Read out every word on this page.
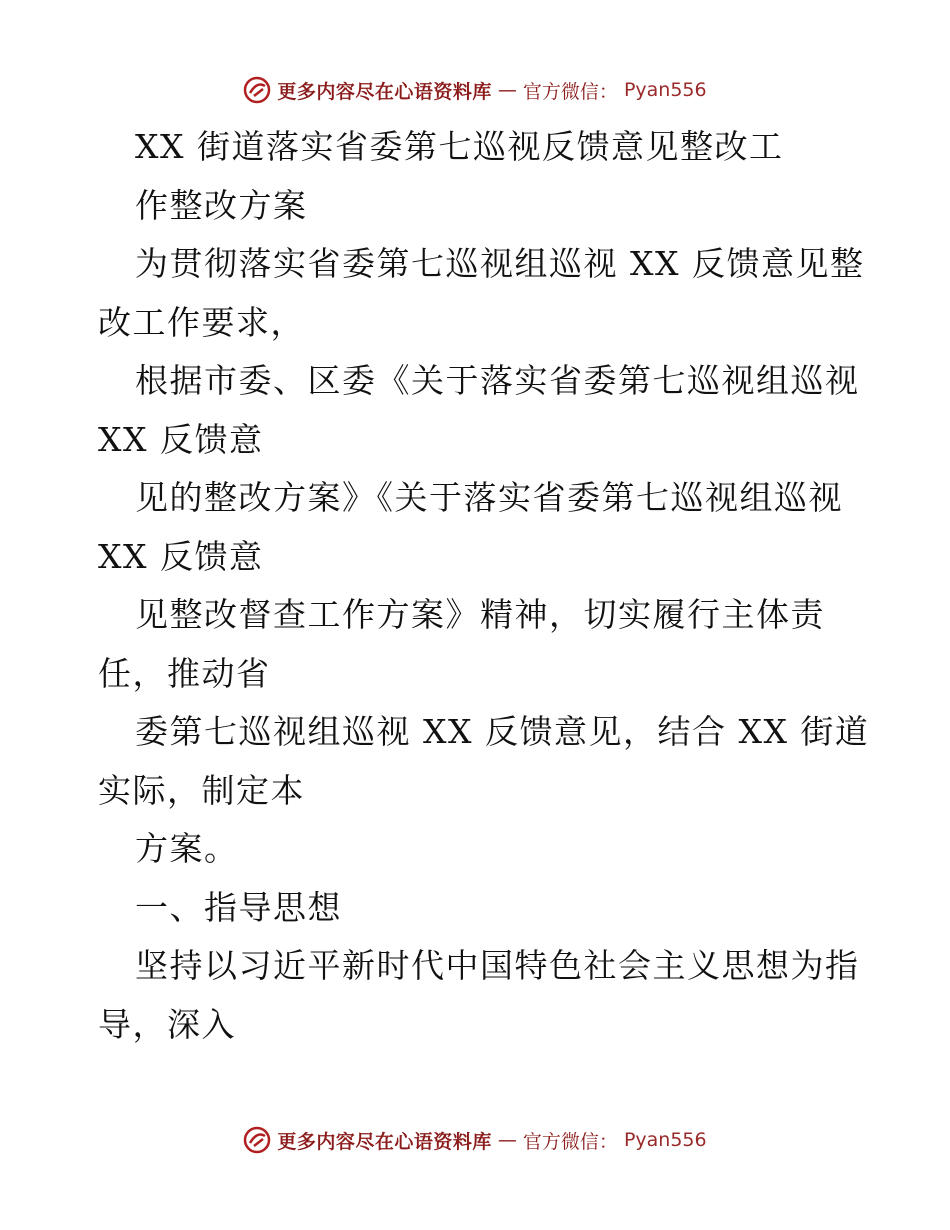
更多内容尽在心语资料库 — 官方微信： Pyan556
XX 街道落实省委第七巡视反馈意见整改工
作整改方案
为贯彻落实省委第七巡视组巡视 XX 反馈意见整
改工作要求，
根据市委、区委《关于落实省委第七巡视组巡视
XX 反馈意
见的整改方案》《关于落实省委第七巡视组巡视
XX 反馈意
见整改督查工作方案》精神，切实履行主体责
任，推动省
委第七巡视组巡视 XX 反馈意见，结合 XX 街道
实际，制定本
方案。
一、指导思想
坚持以习近平新时代中国特色社会主义思想为指
导，深入
更多内容尽在心语资料库 — 官方微信： Pyan556
